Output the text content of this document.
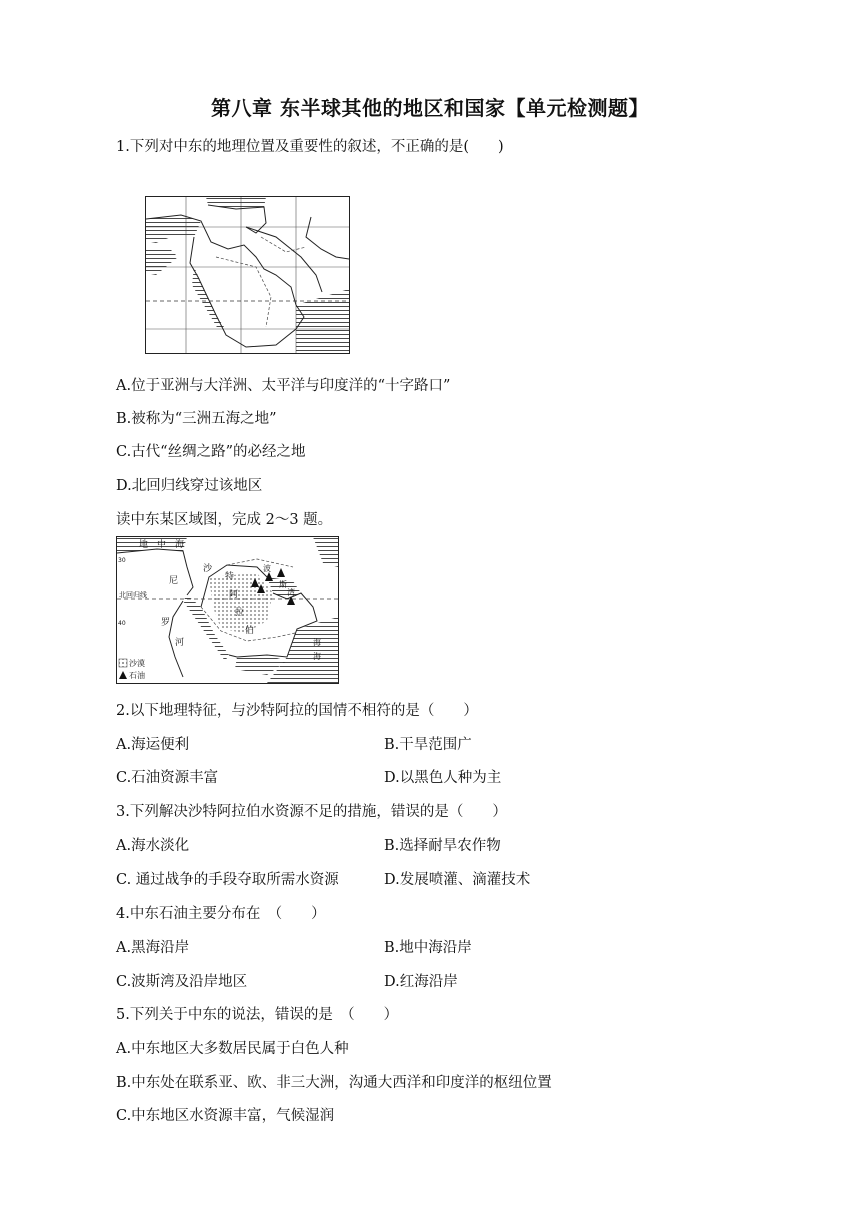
第八章 东半球其他的地区和国家【单元检测题】
1.下列对中东的地理位置及重要性的叙述，不正确的是(　　)
A.位于亚洲与大洋洲、太平洋与印度洋的“十字路口”
B.被称为“三洲五海之地”
C.古代“丝绸之路”的必经之地
D.北回归线穿过该地区
读中东某区域图，完成 2～3 题。
地　中　海
30
40
北回归线
尼
罗
河
沙
特
阿
拉
伯
波
斯
湾
海
海
沙漠
石油
2.以下地理特征，与沙特阿拉的国情不相符的是（　　）
A.海运便利	B.干旱范围广
C.石油资源丰富	D.以黑色人种为主
3.下列解决沙特阿拉伯水资源不足的措施，错误的是（　　）
A.海水淡化	B.选择耐旱农作物
C. 通过战争的手段夺取所需水资源	D.发展喷灌、滴灌技术
4.中东石油主要分布在　（　　）
A.黑海沿岸	B.地中海沿岸
C.波斯湾及沿岸地区	D.红海沿岸
5.下列关于中东的说法，错误的是　（　　）
A.中东地区大多数居民属于白色人种
B.中东处在联系亚、欧、非三大洲，沟通大西洋和印度洋的枢纽位置
C.中东地区水资源丰富，气候湿润
